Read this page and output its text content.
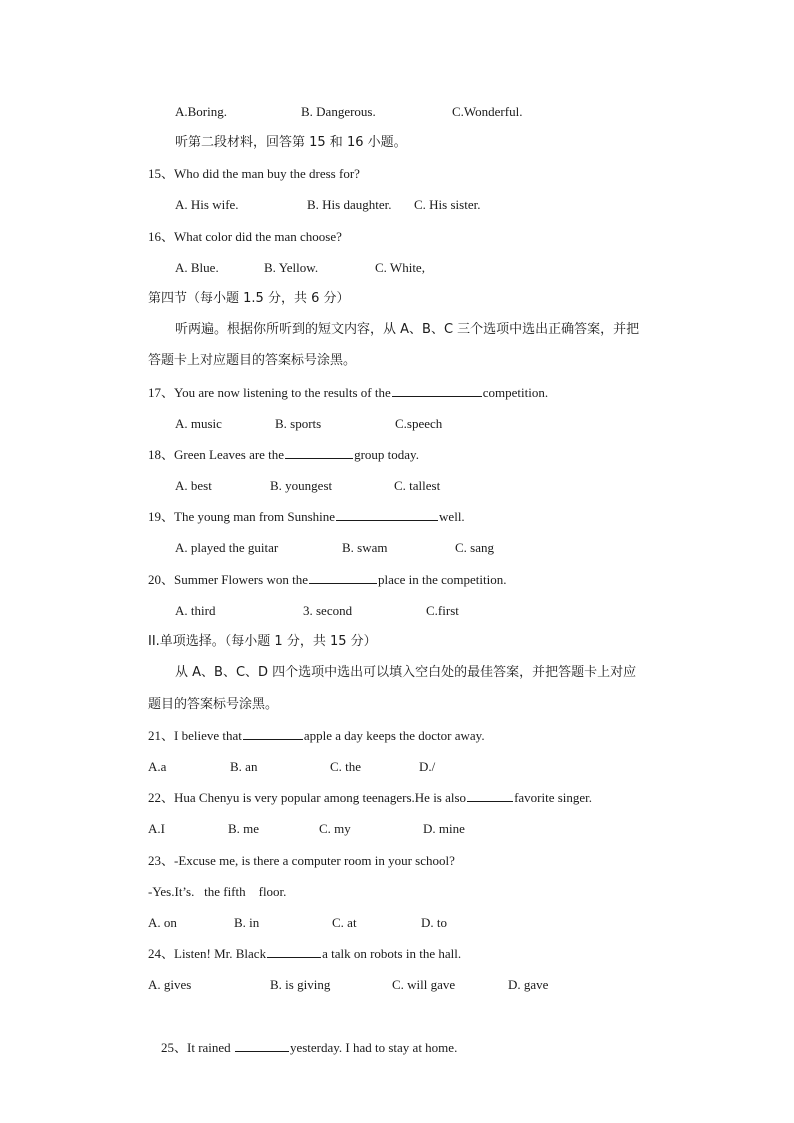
A.Boring.	B. Dangerous.	C.Wonderful.
听第二段材料，回答第 15 和 16 小题。
15、Who did the man buy the dress for?
A. His wife.	B. His daughter. C. His sister.
16、What color did the man choose?
A. Blue.	B. Yellow.	C. White,
第四节（每小题 1.5 分，共 6 分）
听两遍。根据你所听到的短文内容，从 A、B、C 三个选项中选出正确答案，并把
答题卡上对应题目的答案标号涂黑。
17、You are now listening to the results of the	competition.
A. music	B. sports	C.speech
18、Green Leaves are the	group today.
A. best	B. youngest	C. tallest
19、The young man from Sunshine	well.
A. played the guitar	B. swam	C. sang
20、Summer Flowers won the	place in the competition.
A. third	3. second	C.first
II.单项选择。（每小题 1 分，共 15 分）
从 A、B、C、D 四个选项中选出可以填入空白处的最佳答案，并把答题卡上对应
题目的答案标号涂黑。
21、I believe that	apple a day keeps the doctor away.
A.a	B. an	C. the	D./
22、Hua Chenyu is very popular among teenagers.He is also	favorite singer.
A.I	B. me	C. my	D. mine
23、-Excuse me, is there a computer room in your school?
-Yes.It’s.   the fifth    floor.
A. on	B. in	C. at	D. to
24、Listen! Mr. Black	a talk on robots in the hall.
A. gives	B. is giving	C. will gave	D. gave

25、It rained	yesterday. I had to stay at home.
